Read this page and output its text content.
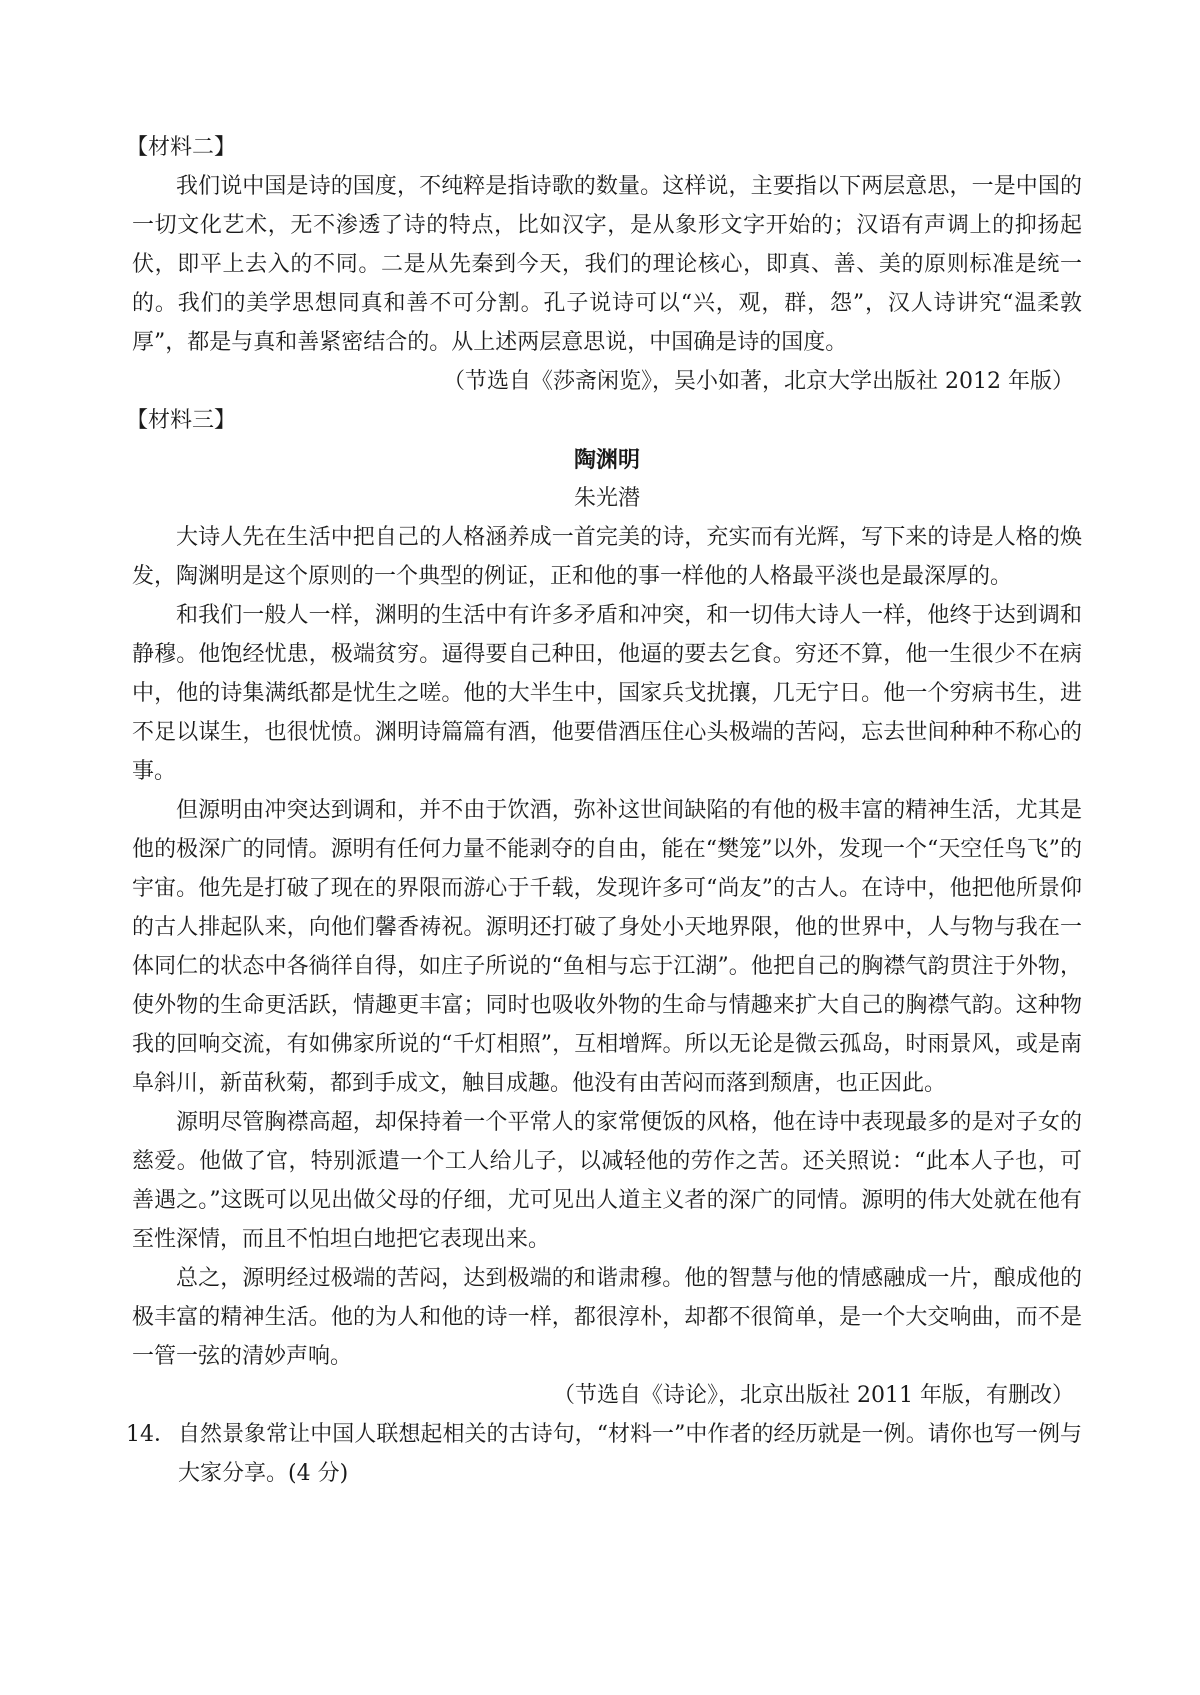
【材料二】

我们说中国是诗的国度，不纯粹是指诗歌的数量。这样说，主要指以下两层意思，一是中国的一切文化艺术，无不渗透了诗的特点，比如汉字，是从象形文字开始的；汉语有声调上的抑扬起伏，即平上去入的不同。二是从先秦到今天，我们的理论核心，即真、善、美的原则标准是统一的。我们的美学思想同真和善不可分割。孔子说诗可以“兴，观，群，怨”，汉人诗讲究“温柔敦厚”，都是与真和善紧密结合的。从上述两层意思说，中国确是诗的国度。

（节选自《莎斋闲览》，吴小如著，北京大学出版社 2012 年版）

【材料三】

陶渊明

朱光潜

大诗人先在生活中把自己的人格涵养成一首完美的诗，充实而有光辉，写下来的诗是人格的焕发，陶渊明是这个原则的一个典型的例证，正和他的事一样他的人格最平淡也是最深厚的。

和我们一般人一样，渊明的生活中有许多矛盾和冲突，和一切伟大诗人一样，他终于达到调和静穆。他饱经忧患，极端贫穷。逼得要自己种田，他逼的要去乞食。穷还不算，他一生很少不在病中，他的诗集满纸都是忧生之嗟。他的大半生中，国家兵戈扰攘，几无宁日。他一个穷病书生，进不足以谋生，也很忧愤。渊明诗篇篇有酒，他要借酒压住心头极端的苦闷，忘去世间种种不称心的事。

但源明由冲突达到调和，并不由于饮酒，弥补这世间缺陷的有他的极丰富的精神生活，尤其是他的极深广的同情。源明有任何力量不能剥夺的自由，能在“樊笼”以外，发现一个“天空任鸟飞”的宇宙。他先是打破了现在的界限而游心于千载，发现许多可“尚友”的古人。在诗中，他把他所景仰的古人排起队来，向他们馨香祷祝。源明还打破了身处小天地界限，他的世界中，人与物与我在一体同仁的状态中各徜徉自得，如庄子所说的“鱼相与忘于江湖”。他把自己的胸襟气韵贯注于外物，使外物的生命更活跃，情趣更丰富；同时也吸收外物的生命与情趣来扩大自己的胸襟气韵。这种物我的回响交流，有如佛家所说的“千灯相照”，互相增辉。所以无论是微云孤岛，时雨景风，或是南阜斜川，新苗秋菊，都到手成文，触目成趣。他没有由苦闷而落到颓唐，也正因此。

源明尽管胸襟高超，却保持着一个平常人的家常便饭的风格，他在诗中表现最多的是对子女的慈爱。他做了官，特别派遣一个工人给儿子，以减轻他的劳作之苦。还关照说：“此本人子也，可善遇之。”这既可以见出做父母的仔细，尤可见出人道主义者的深广的同情。源明的伟大处就在他有至性深情，而且不怕坦白地把它表现出来。

总之，源明经过极端的苦闷，达到极端的和谐肃穆。他的智慧与他的情感融成一片，酿成他的极丰富的精神生活。他的为人和他的诗一样，都很淳朴，却都不很简单，是一个大交响曲，而不是一管一弦的清妙声响。

（节选自《诗论》，北京出版社 2011 年版，有删改）

14． 自然景象常让中国人联想起相关的古诗句，“材料一”中作者的经历就是一例。请你也写一例与大家分享。(4 分)
